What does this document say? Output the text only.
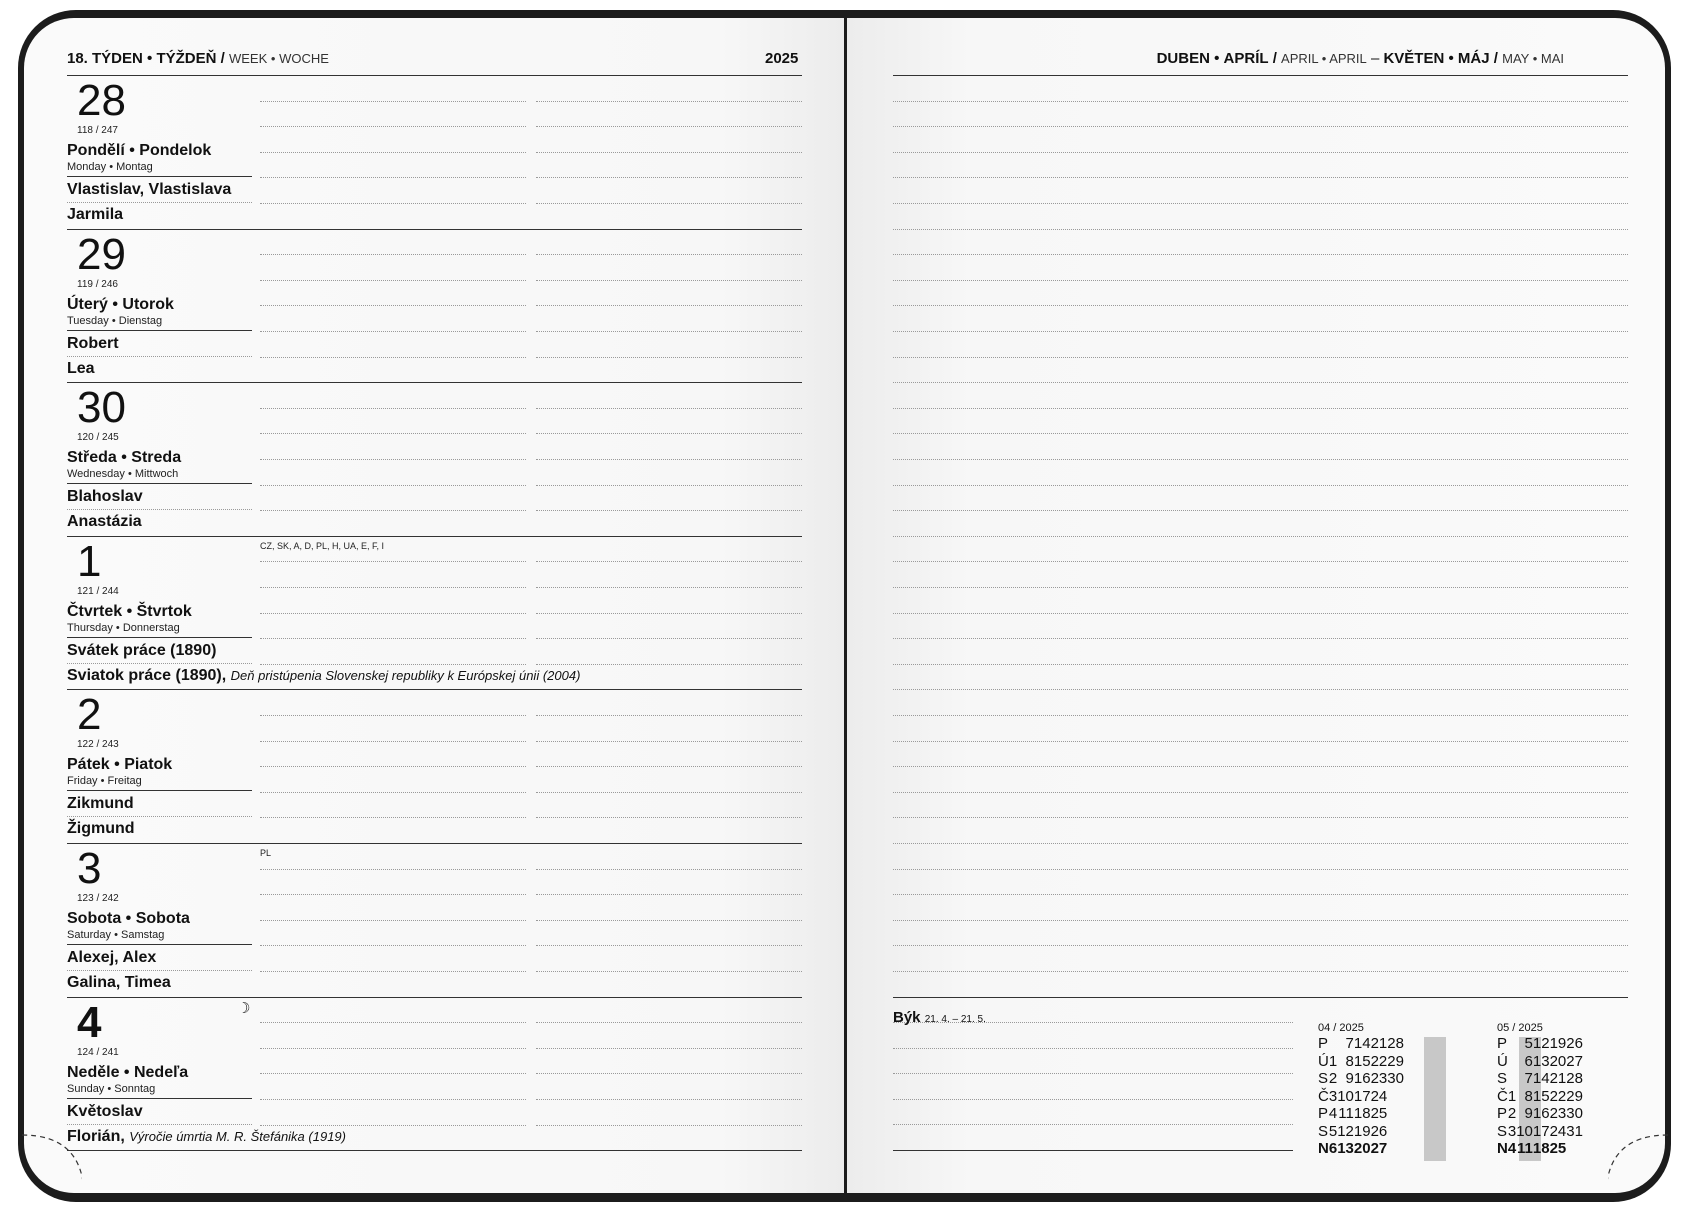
18. TÝDEN • TÝŽDEŇ / WEEK • WOCHE	2025	DUBEN • APRÍL / APRIL • APRIL – KVĚTEN • MÁJ / MAY • MAI
28
118 / 247
Pondělí • Pondelok
Monday • Montag
Vlastislav, Vlastislava
Jarmila
29
119 / 246
Úterý • Utorok
Tuesday • Dienstag
Robert
Lea
30
120 / 245
Středa • Streda
Wednesday • Mittwoch
Blahoslav
Anastázia
1
121 / 244
Čtvrtek • Štvrtok
Thursday • Donnerstag
Svátek práce (1890)
Sviatok práce (1890), Deň pristúpenia Slovenskej republiky k Európskej únii (2004)
CZ, SK, A, D, PL, H, UA, E, F, I
2
122 / 243
Pátek • Piatok
Friday • Freitag
Zikmund
Žigmund
3
123 / 242
Sobota • Sobota
Saturday • Samstag
Alexej, Alex
Galina, Timea
PL
4
124 / 241
Neděle • Nedeľa
Sunday • Sonntag
Květoslav
Florián, Výročie úmrtia M. R. Štefánika (1919)
☽
Býk 21. 4. – 21. 5.
04 / 2025
P		7	14	21	28
Ú	1	8	15	22	29
S	2	9	16	23	30
Č	3	10	17	24	
P	4	11	18	25	
S	5	12	19	26	
N	6	13	20	27	
05 / 2025
P		5	12	19	26
Ú		6	13	20	27
S		7	14	21	28
Č	1	8	15	22	29
P	2	9	16	23	30
S	3	10	17	24	31
N	4	11	18	25	
